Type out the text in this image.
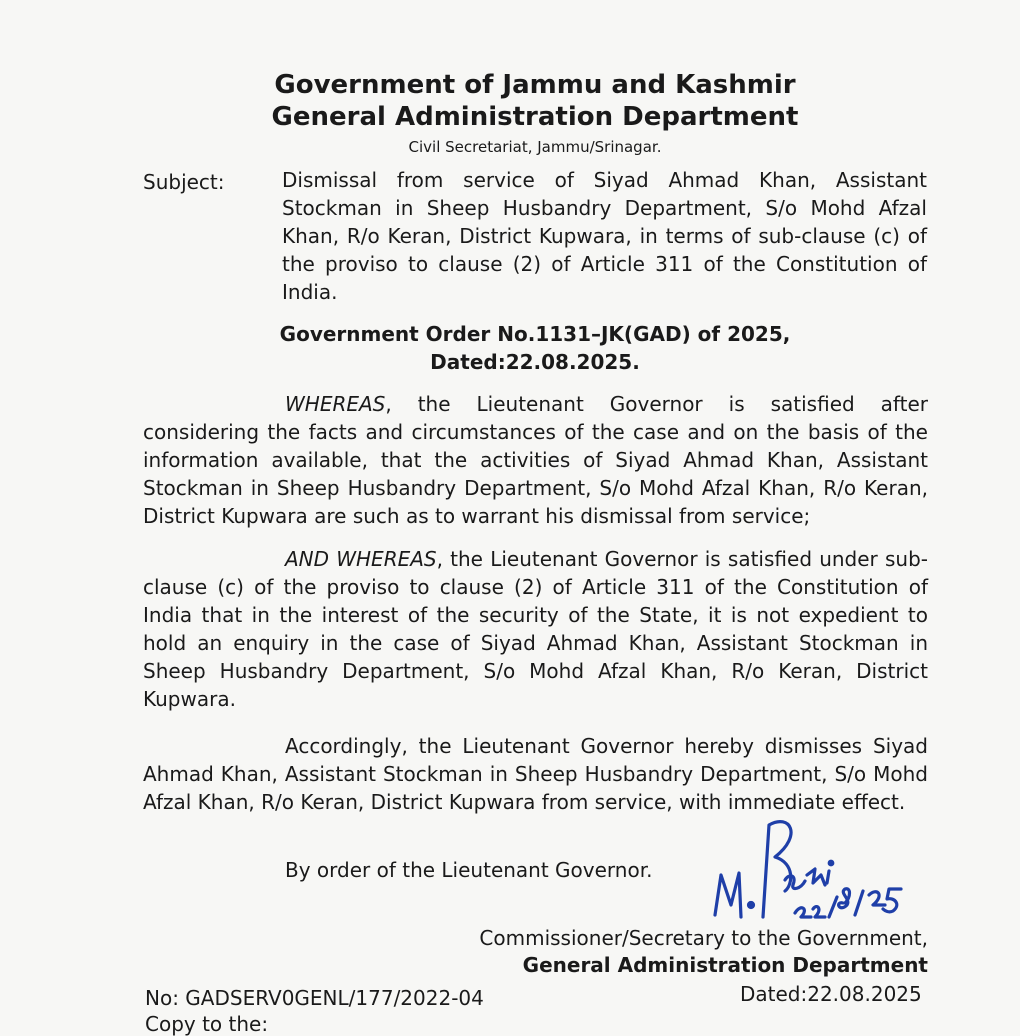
Government of Jammu and Kashmir
General Administration Department
Civil Secretariat, Jammu/Srinagar.
Subject:	Dismissal from service of Siyad Ahmad Khan, Assistant Stockman in Sheep Husbandry Department, S/o Mohd Afzal Khan, R/o Keran, District Kupwara, in terms of sub-clause (c) of the proviso to clause (2) of Article 311 of the Constitution of India.
Government Order No.1131–JK(GAD) of 2025,
Dated:22.08.2025.
WHEREAS, the Lieutenant Governor is satisfied after considering the facts and circumstances of the case and on the basis of the information available, that the activities of Siyad Ahmad Khan, Assistant Stockman in Sheep Husbandry Department, S/o Mohd Afzal Khan, R/o Keran, District Kupwara are such as to warrant his dismissal from service;
AND WHEREAS, the Lieutenant Governor is satisfied under sub-clause (c) of the proviso to clause (2) of Article 311 of the Constitution of India that in the interest of the security of the State, it is not expedient to hold an enquiry in the case of Siyad Ahmad Khan, Assistant Stockman in Sheep Husbandry Department, S/o Mohd Afzal Khan, R/o Keran, District Kupwara.
Accordingly, the Lieutenant Governor hereby dismisses Siyad Ahmad Khan, Assistant Stockman in Sheep Husbandry Department, S/o Mohd Afzal Khan, R/o Keran, District Kupwara from service, with immediate effect.
By order of the Lieutenant Governor.
Commissioner/Secretary to the Government,
General Administration Department
No: GADSERV0GENL/177/2022-04	Dated:22.08.2025
Copy to the:
